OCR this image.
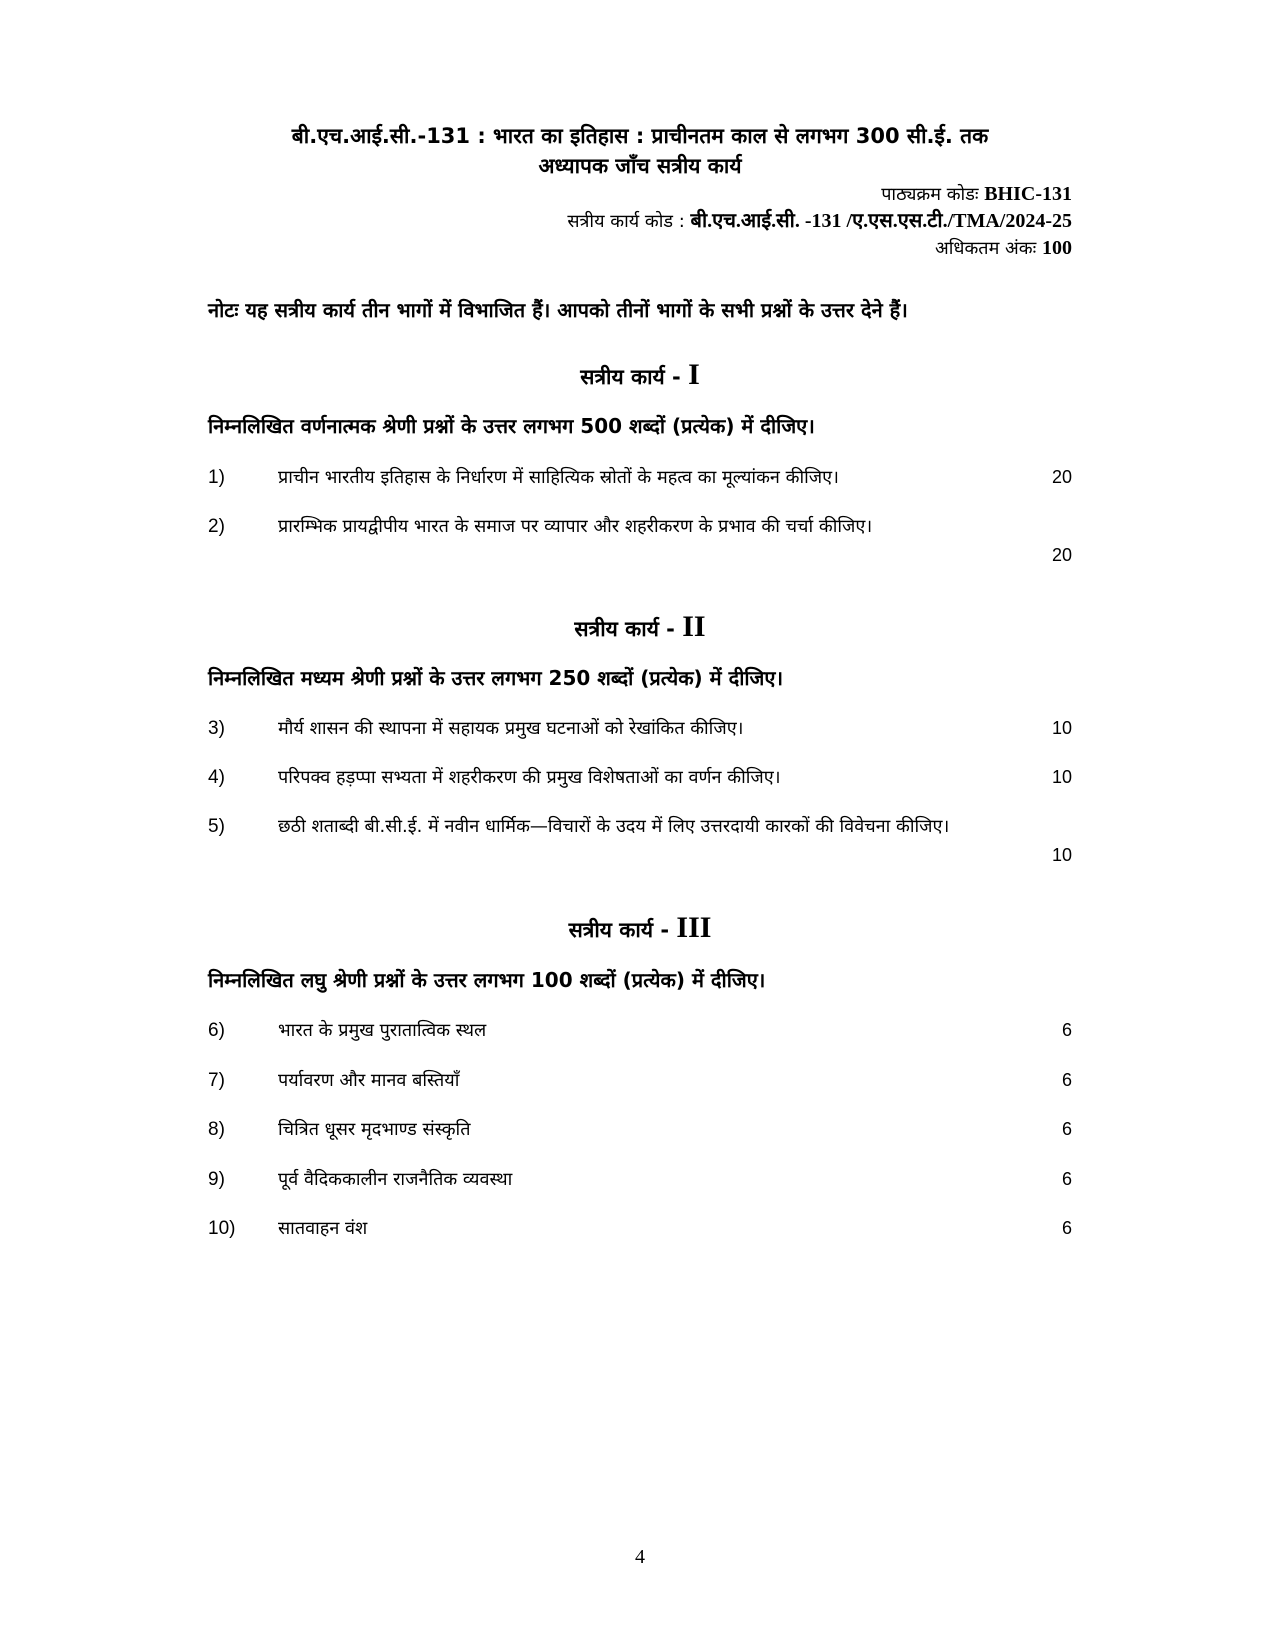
बी.एच.आई.सी.-131 : भारत का इतिहास : प्राचीनतम काल से लगभग 300 सी.ई. तक
अध्यापक जाँच सत्रीय कार्य
पाठ्यक्रम कोडः BHIC-131
सत्रीय कार्य कोड : बी.एच.आई.सी. -131 /ए.एस.एस.टी./TMA/2024-25
अधिकतम अंकः 100
नोटः यह सत्रीय कार्य तीन भागों में विभाजित हैं। आपको तीनों भागों के सभी प्रश्नों के उत्तर देने हैं।
सत्रीय कार्य - I
निम्नलिखित वर्णनात्मक श्रेणी प्रश्नों के उत्तर लगभग 500 शब्दों (प्रत्येक) में दीजिए।
1)	प्राचीन भारतीय इतिहास के निर्धारण में साहित्यिक स्रोतों के महत्व का मूल्यांकन कीजिए।	20
2)	प्रारम्भिक प्रायद्वीपीय भारत के समाज पर व्यापार और शहरीकरण के प्रभाव की चर्चा कीजिए।
20
सत्रीय कार्य - II
निम्नलिखित मध्यम श्रेणी प्रश्नों के उत्तर लगभग 250 शब्दों (प्रत्येक) में दीजिए।
3)	मौर्य शासन की स्थापना में सहायक प्रमुख घटनाओं को रेखांकित कीजिए।	10
4)	परिपक्व हड़प्पा सभ्यता में शहरीकरण की प्रमुख विशेषताओं का वर्णन कीजिए।	10
5)	छठी शताब्दी बी.सी.ई. में नवीन धार्मिक—विचारों के उदय में लिए उत्तरदायी कारकों की विवेचना कीजिए।
10
सत्रीय कार्य - III
निम्नलिखित लघु श्रेणी प्रश्नों के उत्तर लगभग 100 शब्दों (प्रत्येक) में दीजिए।
6)	भारत के प्रमुख पुरातात्विक स्थल	6
7)	पर्यावरण और मानव बस्तियाँ	6
8)	चित्रित धूसर मृदभाण्ड संस्कृति	6
9)	पूर्व वैदिककालीन राजनैतिक व्यवस्था	6
10) सातवाहन वंश	6
4
